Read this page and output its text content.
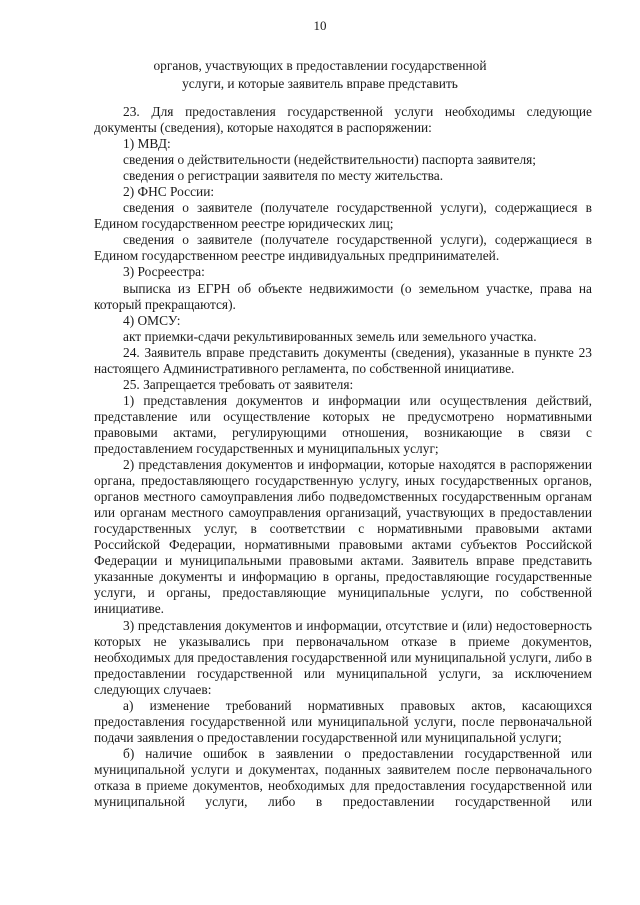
10
органов, участвующих в предоставлении государственной
услуги, и которые заявитель вправе представить

23. Для предоставления государственной услуги необходимы следующие документы (сведения), которые находятся в распоряжении:

1) МВД:

сведения о действительности (недействительности) паспорта заявителя;

сведения о регистрации заявителя по месту жительства.

2) ФНС России:

сведения о заявителе (получателе государственной услуги), содержащиеся в Едином государственном реестре юридических лиц;

сведения о заявителе (получателе государственной услуги), содержащиеся в Едином государственном реестре индивидуальных предпринимателей.

3) Росреестра:

выписка из ЕГРН об объекте недвижимости (о земельном участке, права на который прекращаются).

4) ОМСУ:

акт приемки-сдачи рекультивированных земель или земельного участка.

24. Заявитель вправе представить документы (сведения), указанные в пункте 23 настоящего Административного регламента, по собственной инициативе.

25. Запрещается требовать от заявителя:

1) представления документов и информации или осуществления действий, представление или осуществление которых не предусмотрено нормативными правовыми актами, регулирующими отношения, возникающие в связи с предоставлением государственных и муниципальных услуг;

2) представления документов и информации, которые находятся в распоряжении органа, предоставляющего государственную услугу, иных государственных органов, органов местного самоуправления либо подведомственных государственным органам или органам местного самоуправления организаций, участвующих в предоставлении государственных услуг, в соответствии с нормативными правовыми актами Российской Федерации, нормативными правовыми актами субъектов Российской Федерации и муниципальными правовыми актами. Заявитель вправе представить указанные документы и информацию в органы, предоставляющие государственные услуги, и органы, предоставляющие муниципальные услуги, по собственной инициативе.

3) представления документов и информации, отсутствие и (или) недостоверность которых не указывались при первоначальном отказе в приеме документов, необходимых для предоставления государственной или муниципальной услуги, либо в предоставлении государственной или муниципальной услуги, за исключением следующих случаев:

а) изменение требований нормативных правовых актов, касающихся предоставления государственной или муниципальной услуги, после первоначальной подачи заявления о предоставлении государственной или муниципальной услуги;

б) наличие ошибок в заявлении о предоставлении государственной или муниципальной услуги и документах, поданных заявителем после первоначального отказа в приеме документов, необходимых для предоставления государственной или муниципальной услуги, либо в предоставлении государственной или
